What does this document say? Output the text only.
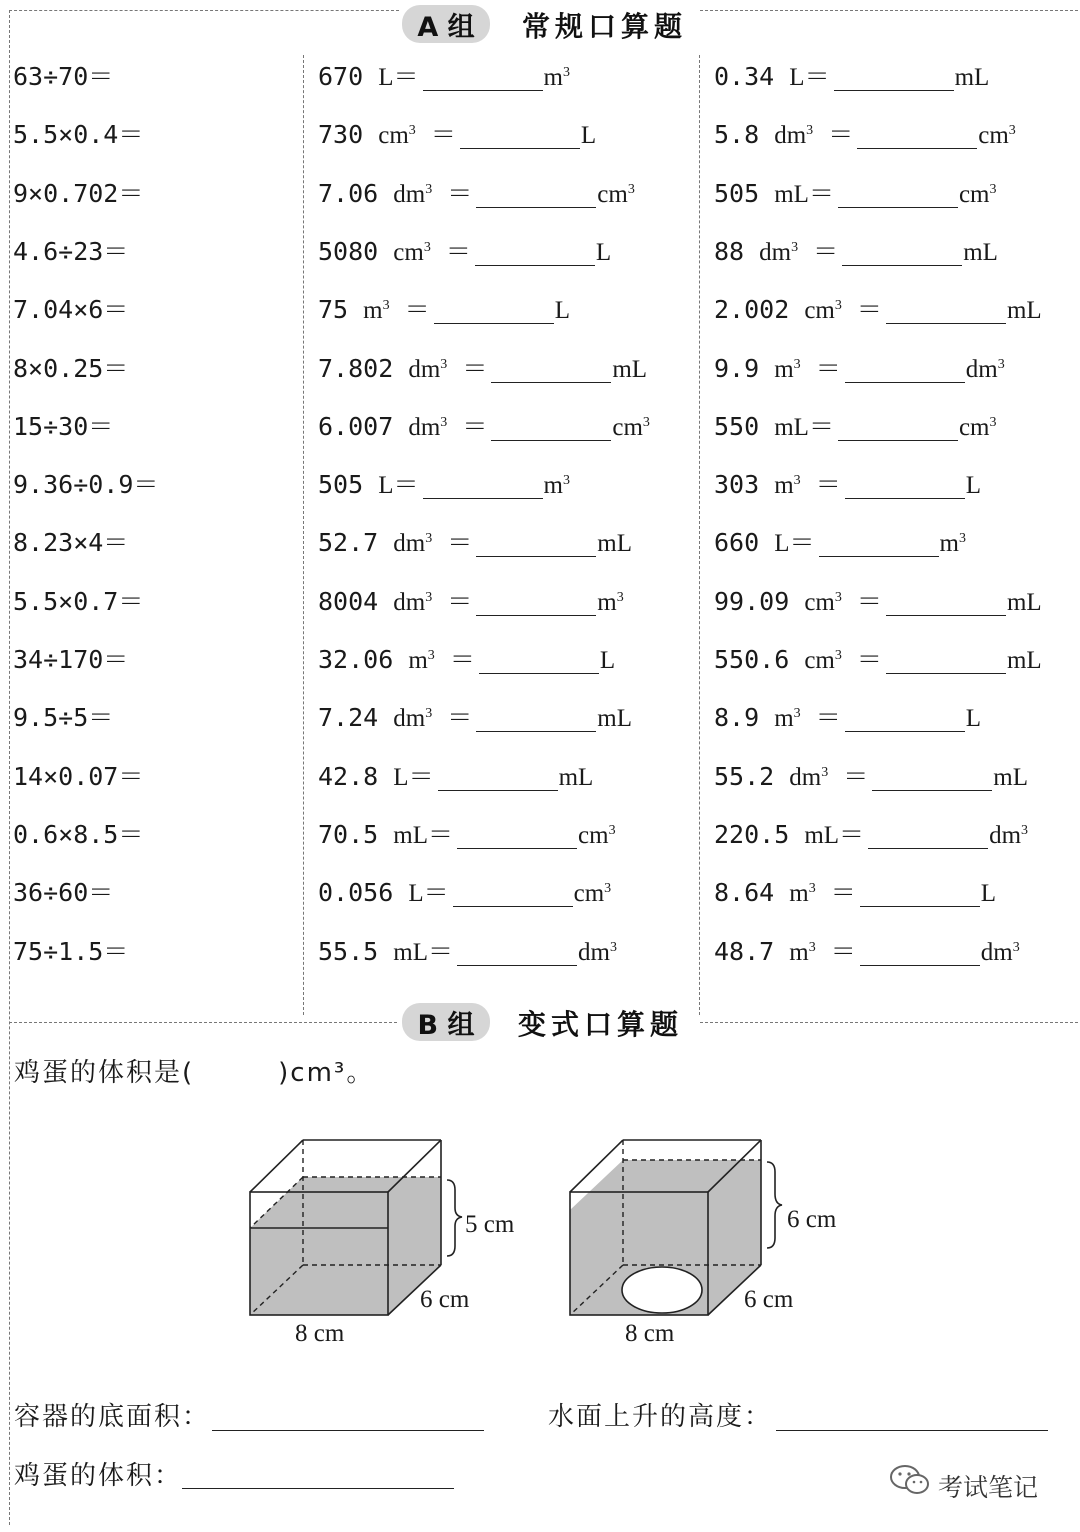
A 组	常规口算题
63÷70＝
5.5×0.4＝
9×0.702＝
4.6÷23＝
7.04×6＝
8×0.25＝
15÷30＝
9.36÷0.9＝
8.23×4＝
5.5×0.7＝
34÷170＝
9.5÷5＝
14×0.07＝
0.6×8.5＝
36÷60＝
75÷1.5＝
670 L＝	$m^3$
730 $cm^3$ ＝	L
7.06 $dm^3$ ＝	$cm^3$
5080 $cm^3$ ＝	L
75 $m^3$ ＝	L
7.802 $dm^3$ ＝	mL
6.007 $dm^3$ ＝	$cm^3$
505 L＝	$m^3$
52.7 $dm^3$ ＝	mL
8004 $dm^3$ ＝	$m^3$
32.06 $m^3$ ＝	L
7.24 $dm^3$ ＝	mL
42.8 L＝	mL
70.5 mL＝	$cm^3$
0.056 L＝	$cm^3$
55.5 mL＝	$dm^3$
0.34 L＝	mL
5.8 $dm^3$ ＝	$cm^3$
505 mL＝	$cm^3$
88 $dm^3$ ＝	mL
2.002 $cm^3$ ＝	mL
9.9 $m^3$ ＝	$dm^3$
550 mL＝	$cm^3$
303 $m^3$ ＝	L
660 L＝	$m^3$
99.09 $cm^3$ ＝	mL
550.6 $cm^3$ ＝	mL
8.9 $m^3$ ＝	L
55.2 $dm^3$ ＝	mL
220.5 mL＝	$dm^3$
8.64 $m^3$ ＝	L
48.7 $m^3$ ＝	$dm^3$
B 组	变式口算题
鸡蛋的体积是(　　　)cm³。
5 cm
6 cm
8 cm
6 cm
6 cm
8 cm
容器的底面积：	水面上升的高度：
鸡蛋的体积：	考试笔记
